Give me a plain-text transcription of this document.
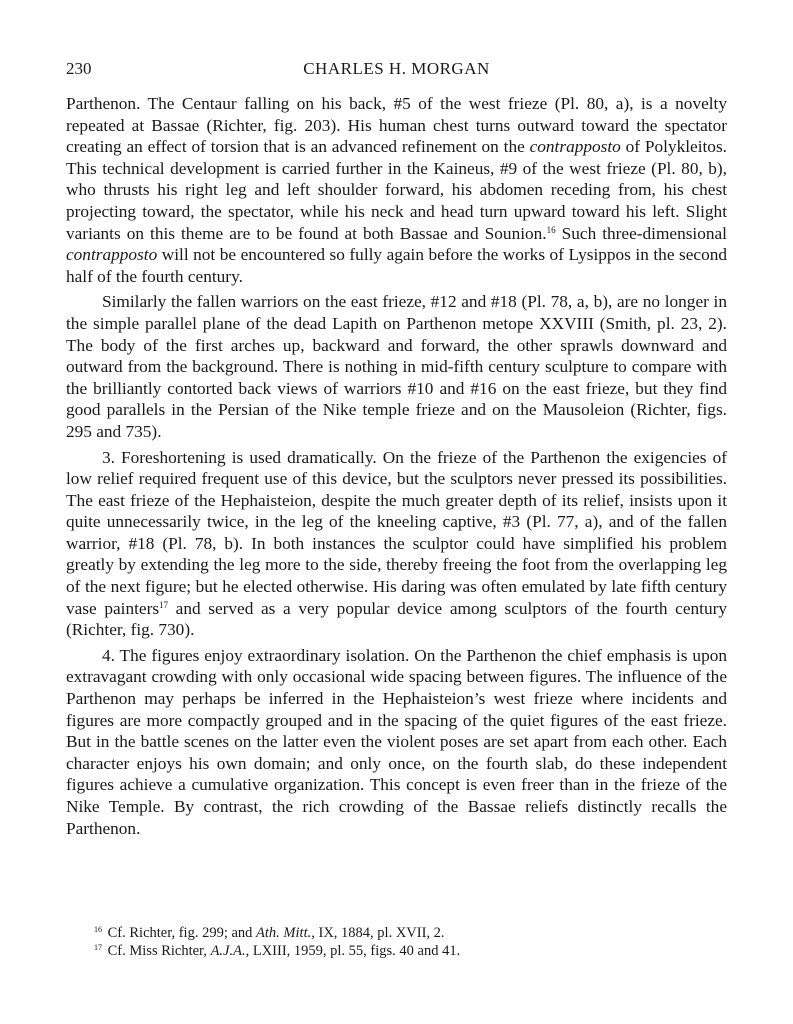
230	CHARLES H. MORGAN

Parthenon. The Centaur falling on his back, #5 of the west frieze (Pl. 80, a), is a novelty repeated at Bassae (Richter, fig. 203). His human chest turns outward toward the spectator creating an effect of torsion that is an advanced refinement on the contrapposto of Polykleitos. This technical development is carried further in the Kaineus, #9 of the west frieze (Pl. 80, b), who thrusts his right leg and left shoulder forward, his abdomen receding from, his chest projecting toward, the spectator, while his neck and head turn upward toward his left. Slight variants on this theme are to be found at both Bassae and Sounion.$^{16}$ Such three-dimensional contrapposto will not be encountered so fully again before the works of Lysippos in the second half of the fourth century.

Similarly the fallen warriors on the east frieze, #12 and #18 (Pl. 78, a, b), are no longer in the simple parallel plane of the dead Lapith on Parthenon metope XXVIII (Smith, pl. 23, 2). The body of the first arches up, backward and forward, the other sprawls downward and outward from the background. There is nothing in mid-fifth century sculpture to compare with the brilliantly contorted back views of warriors #10 and #16 on the east frieze, but they find good parallels in the Persian of the Nike temple frieze and on the Mausoleion (Richter, figs. 295 and 735).

3. Foreshortening is used dramatically. On the frieze of the Parthenon the exigencies of low relief required frequent use of this device, but the sculptors never pressed its possibilities. The east frieze of the Hephaisteion, despite the much greater depth of its relief, insists upon it quite unnecessarily twice, in the leg of the kneeling captive, #3 (Pl. 77, a), and of the fallen warrior, #18 (Pl. 78, b). In both instances the sculptor could have simplified his problem greatly by extending the leg more to the side, thereby freeing the foot from the overlapping leg of the next figure; but he elected otherwise. His daring was often emulated by late fifth century vase painters$^{17}$ and served as a very popular device among sculptors of the fourth century (Richter, fig. 730).

4. The figures enjoy extraordinary isolation. On the Parthenon the chief emphasis is upon extravagant crowding with only occasional wide spacing between figures. The influence of the Parthenon may perhaps be inferred in the Hephaisteion’s west frieze where incidents and figures are more compactly grouped and in the spacing of the quiet figures of the east frieze. But in the battle scenes on the latter even the violent poses are set apart from each other. Each character enjoys his own domain; and only once, on the fourth slab, do these independent figures achieve a cumulative organization. This concept is even freer than in the frieze of the Nike Temple. By contrast, the rich crowding of the Bassae reliefs distinctly recalls the Parthenon.

$^{16}$ Cf. Richter, fig. 299; and Ath. Mitt., IX, 1884, pl. XVII, 2.
$^{17}$ Cf. Miss Richter, A.J.A., LXIII, 1959, pl. 55, figs. 40 and 41.
